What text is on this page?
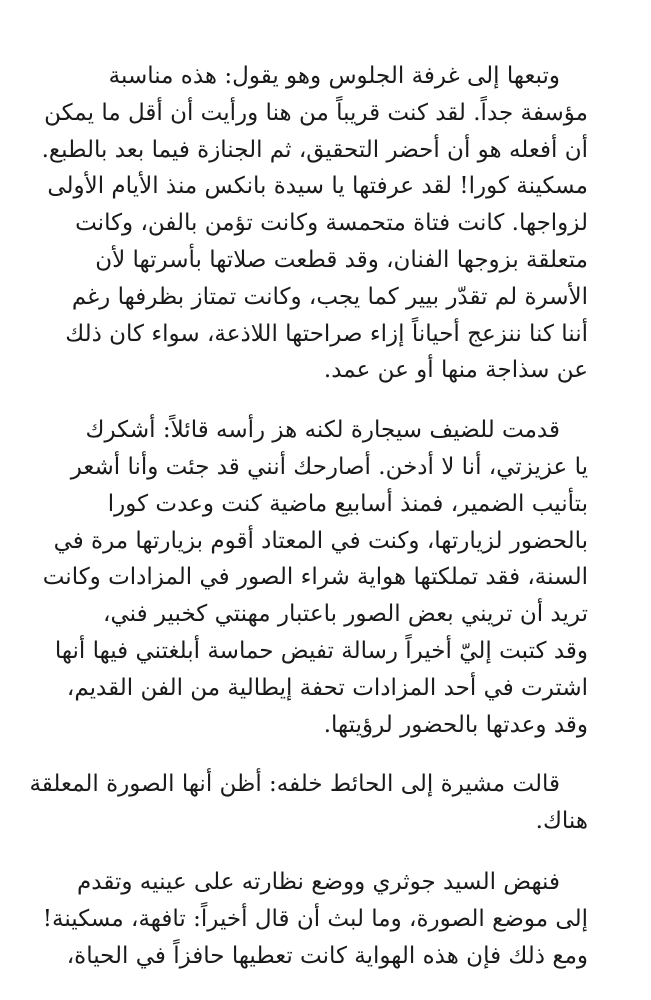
وتبعها إلى غرفة الجلوس وهو يقول: هذه مناسبة
مؤسفة جداً. لقد كنت قريباً من هنا ورأيت أن أقل ما يمكن
أن أفعله هو أن أحضر التحقيق، ثم الجنازة فيما بعد بالطبع.
مسكينة كورا! لقد عرفتها يا سيدة بانكس منذ الأيام الأولى
لزواجها. كانت فتاة متحمسة وكانت تؤمن بالفن، وكانت
متعلقة بزوجها الفنان، وقد قطعت صلاتها بأسرتها لأن
الأسرة لم تقدّر بيير كما يجب، وكانت تمتاز بظرفها رغم
أننا كنا ننزعج أحياناً إزاء صراحتها اللاذعة، سواء كان ذلك
عن سذاجة منها أو عن عمد.

قدمت للضيف سيجارة لكنه هز رأسه قائلاً: أشكرك
يا عزيزتي، أنا لا أدخن. أصارحك أنني قد جئت وأنا أشعر
بتأنيب الضمير، فمنذ أسابيع ماضية كنت وعدت كورا
بالحضور لزيارتها، وكنت في المعتاد أقوم بزيارتها مرة في
السنة، فقد تملكتها هواية شراء الصور في المزادات وكانت
تريد أن تريني بعض الصور باعتبار مهنتي كخبير فني،
وقد كتبت إليّ أخيراً رسالة تفيض حماسة أبلغتني فيها أنها
اشترت في أحد المزادات تحفة إيطالية من الفن القديم،
وقد وعدتها بالحضور لرؤيتها.

قالت مشيرة إلى الحائط خلفه: أظن أنها الصورة المعلقة
هناك.

فنهض السيد جوثري ووضع نظارته على عينيه وتقدم
إلى موضع الصورة، وما لبث أن قال أخيراً: تافهة، مسكينة!
ومع ذلك فإن هذه الهواية كانت تعطيها حافزاً في الحياة،
